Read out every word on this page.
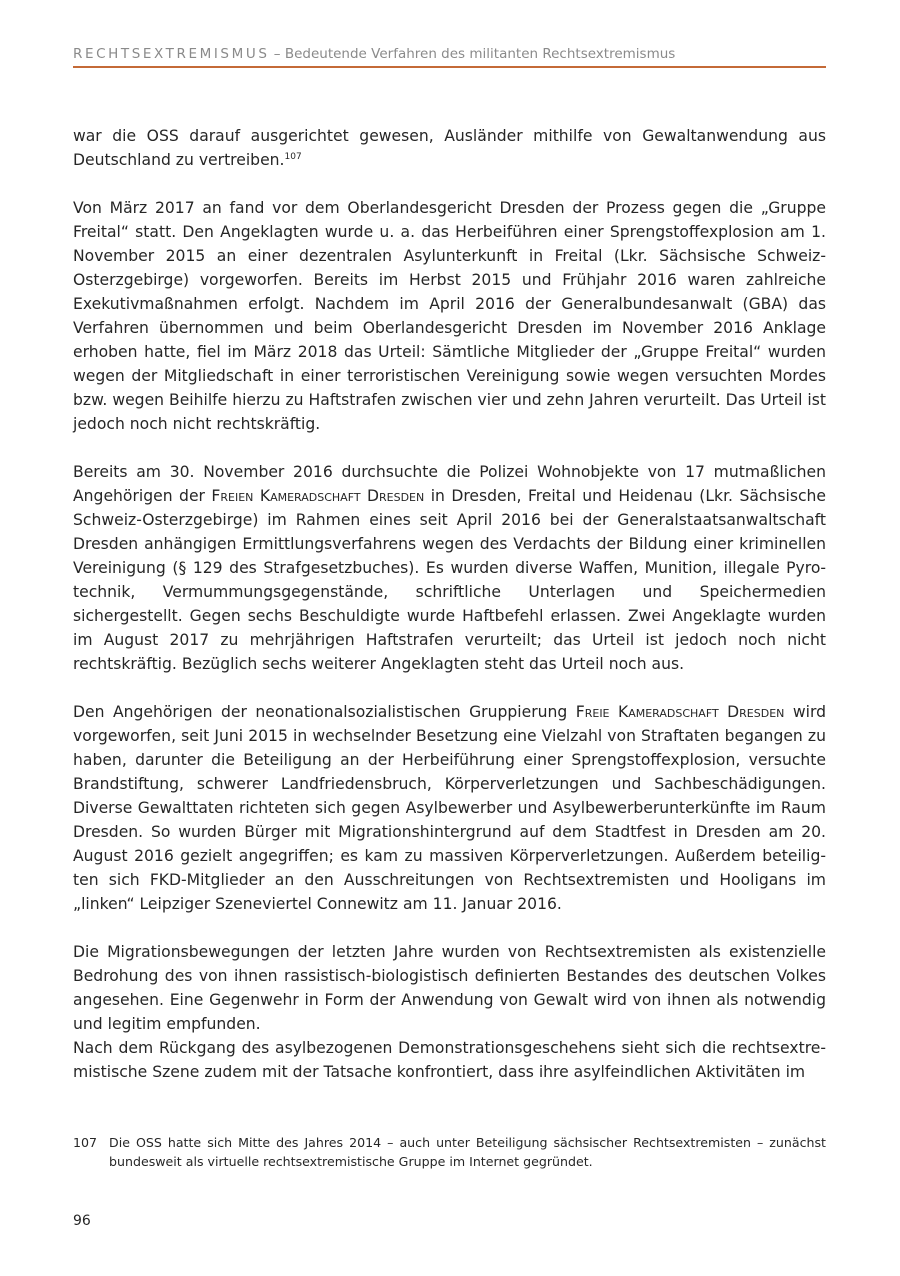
RECHTSEXTREMISMUS – Bedeutende Verfahren des militanten Rechtsextremismus

war die OSS darauf ausgerichtet gewesen, Ausländer mithilfe von Gewaltanwendung aus Deutschland zu vertreiben.$^{107}$

Von März 2017 an fand vor dem Oberlandesgericht Dresden der Prozess gegen die „Gruppe Freital“ statt. Den Angeklagten wurde u. a. das Herbeiführen einer Sprengstoffexplosion am 1. November 2015 an einer dezentralen Asylunterkunft in Freital (Lkr. Sächsische Schweiz-Osterzgebirge) vorgeworfen. Bereits im Herbst 2015 und Frühjahr 2016 waren zahlreiche Exekutivmaßnahmen erfolgt. Nachdem im April 2016 der Generalbundesanwalt (GBA) das Verfahren übernommen und beim Oberlandesgericht Dresden im November 2016 Anklage erhoben hatte, fiel im März 2018 das Urteil: Sämtliche Mitglieder der „Gruppe Freital“ wurden wegen der Mitgliedschaft in einer terroristischen Vereinigung sowie wegen versuchten Mordes bzw. wegen Beihilfe hierzu zu Haftstrafen zwischen vier und zehn Jahren verurteilt. Das Urteil ist jedoch noch nicht rechtskräftig.

Bereits am 30. November 2016 durchsuchte die Polizei Wohnobjekte von 17 mutmaßlichen Angehörigen der Freien Kameradschaft Dresden in Dresden, Freital und Heidenau (Lkr. Sächsische Schweiz-Osterzgebirge) im Rahmen eines seit April 2016 bei der Generalstaatsanwaltschaft Dresden anhängigen Ermittlungsverfahrens wegen des Verdachts der Bildung einer kriminellen Vereinigung (§ 129 des Strafgesetzbuches). Es wurden diverse Waffen, Munition, illegale Pyrotechnik, Vermummungsgegenstände, schriftliche Unterlagen und Speichermedien sichergestellt. Gegen sechs Beschuldigte wurde Haftbefehl erlassen. Zwei Angeklagte wurden im August 2017 zu mehrjährigen Haftstrafen verurteilt; das Urteil ist jedoch noch nicht rechtskräftig. Bezüglich sechs weiterer Angeklagten steht das Urteil noch aus.

Den Angehörigen der neonationalsozialistischen Gruppierung Freie Kameradschaft Dresden wird vorgeworfen, seit Juni 2015 in wechselnder Besetzung eine Vielzahl von Straftaten begangen zu haben, darunter die Beteiligung an der Herbeiführung einer Sprengstoffexplosion, versuchte Brandstiftung, schwerer Landfriedensbruch, Körperverletzungen und Sachbeschädigungen. Diverse Gewalttaten richteten sich gegen Asylbewerber und Asylbewerberunterkünfte im Raum Dresden. So wurden Bürger mit Migrationshintergrund auf dem Stadtfest in Dresden am 20. August 2016 gezielt angegriffen; es kam zu massiven Körperverletzungen. Außerdem beteiligten sich FKD-Mitglieder an den Ausschreitungen von Rechtsextremisten und Hooligans im „linken“ Leipziger Szeneviertel Connewitz am 11. Januar 2016.

Die Migrationsbewegungen der letzten Jahre wurden von Rechtsextremisten als existenzielle Bedrohung des von ihnen rassistisch-biologistisch definierten Bestandes des deutschen Volkes angesehen. Eine Gegenwehr in Form der Anwendung von Gewalt wird von ihnen als notwendig und legitim empfunden.

Nach dem Rückgang des asylbezogenen Demonstrationsgeschehens sieht sich die rechtsextremistische Szene zudem mit der Tatsache konfrontiert, dass ihre asylfeindlichen Aktivitäten im

107 Die OSS hatte sich Mitte des Jahres 2014 – auch unter Beteiligung sächsischer Rechtsextremisten – zunächst bundesweit als virtuelle rechtsextremistische Gruppe im Internet gegründet.
96
